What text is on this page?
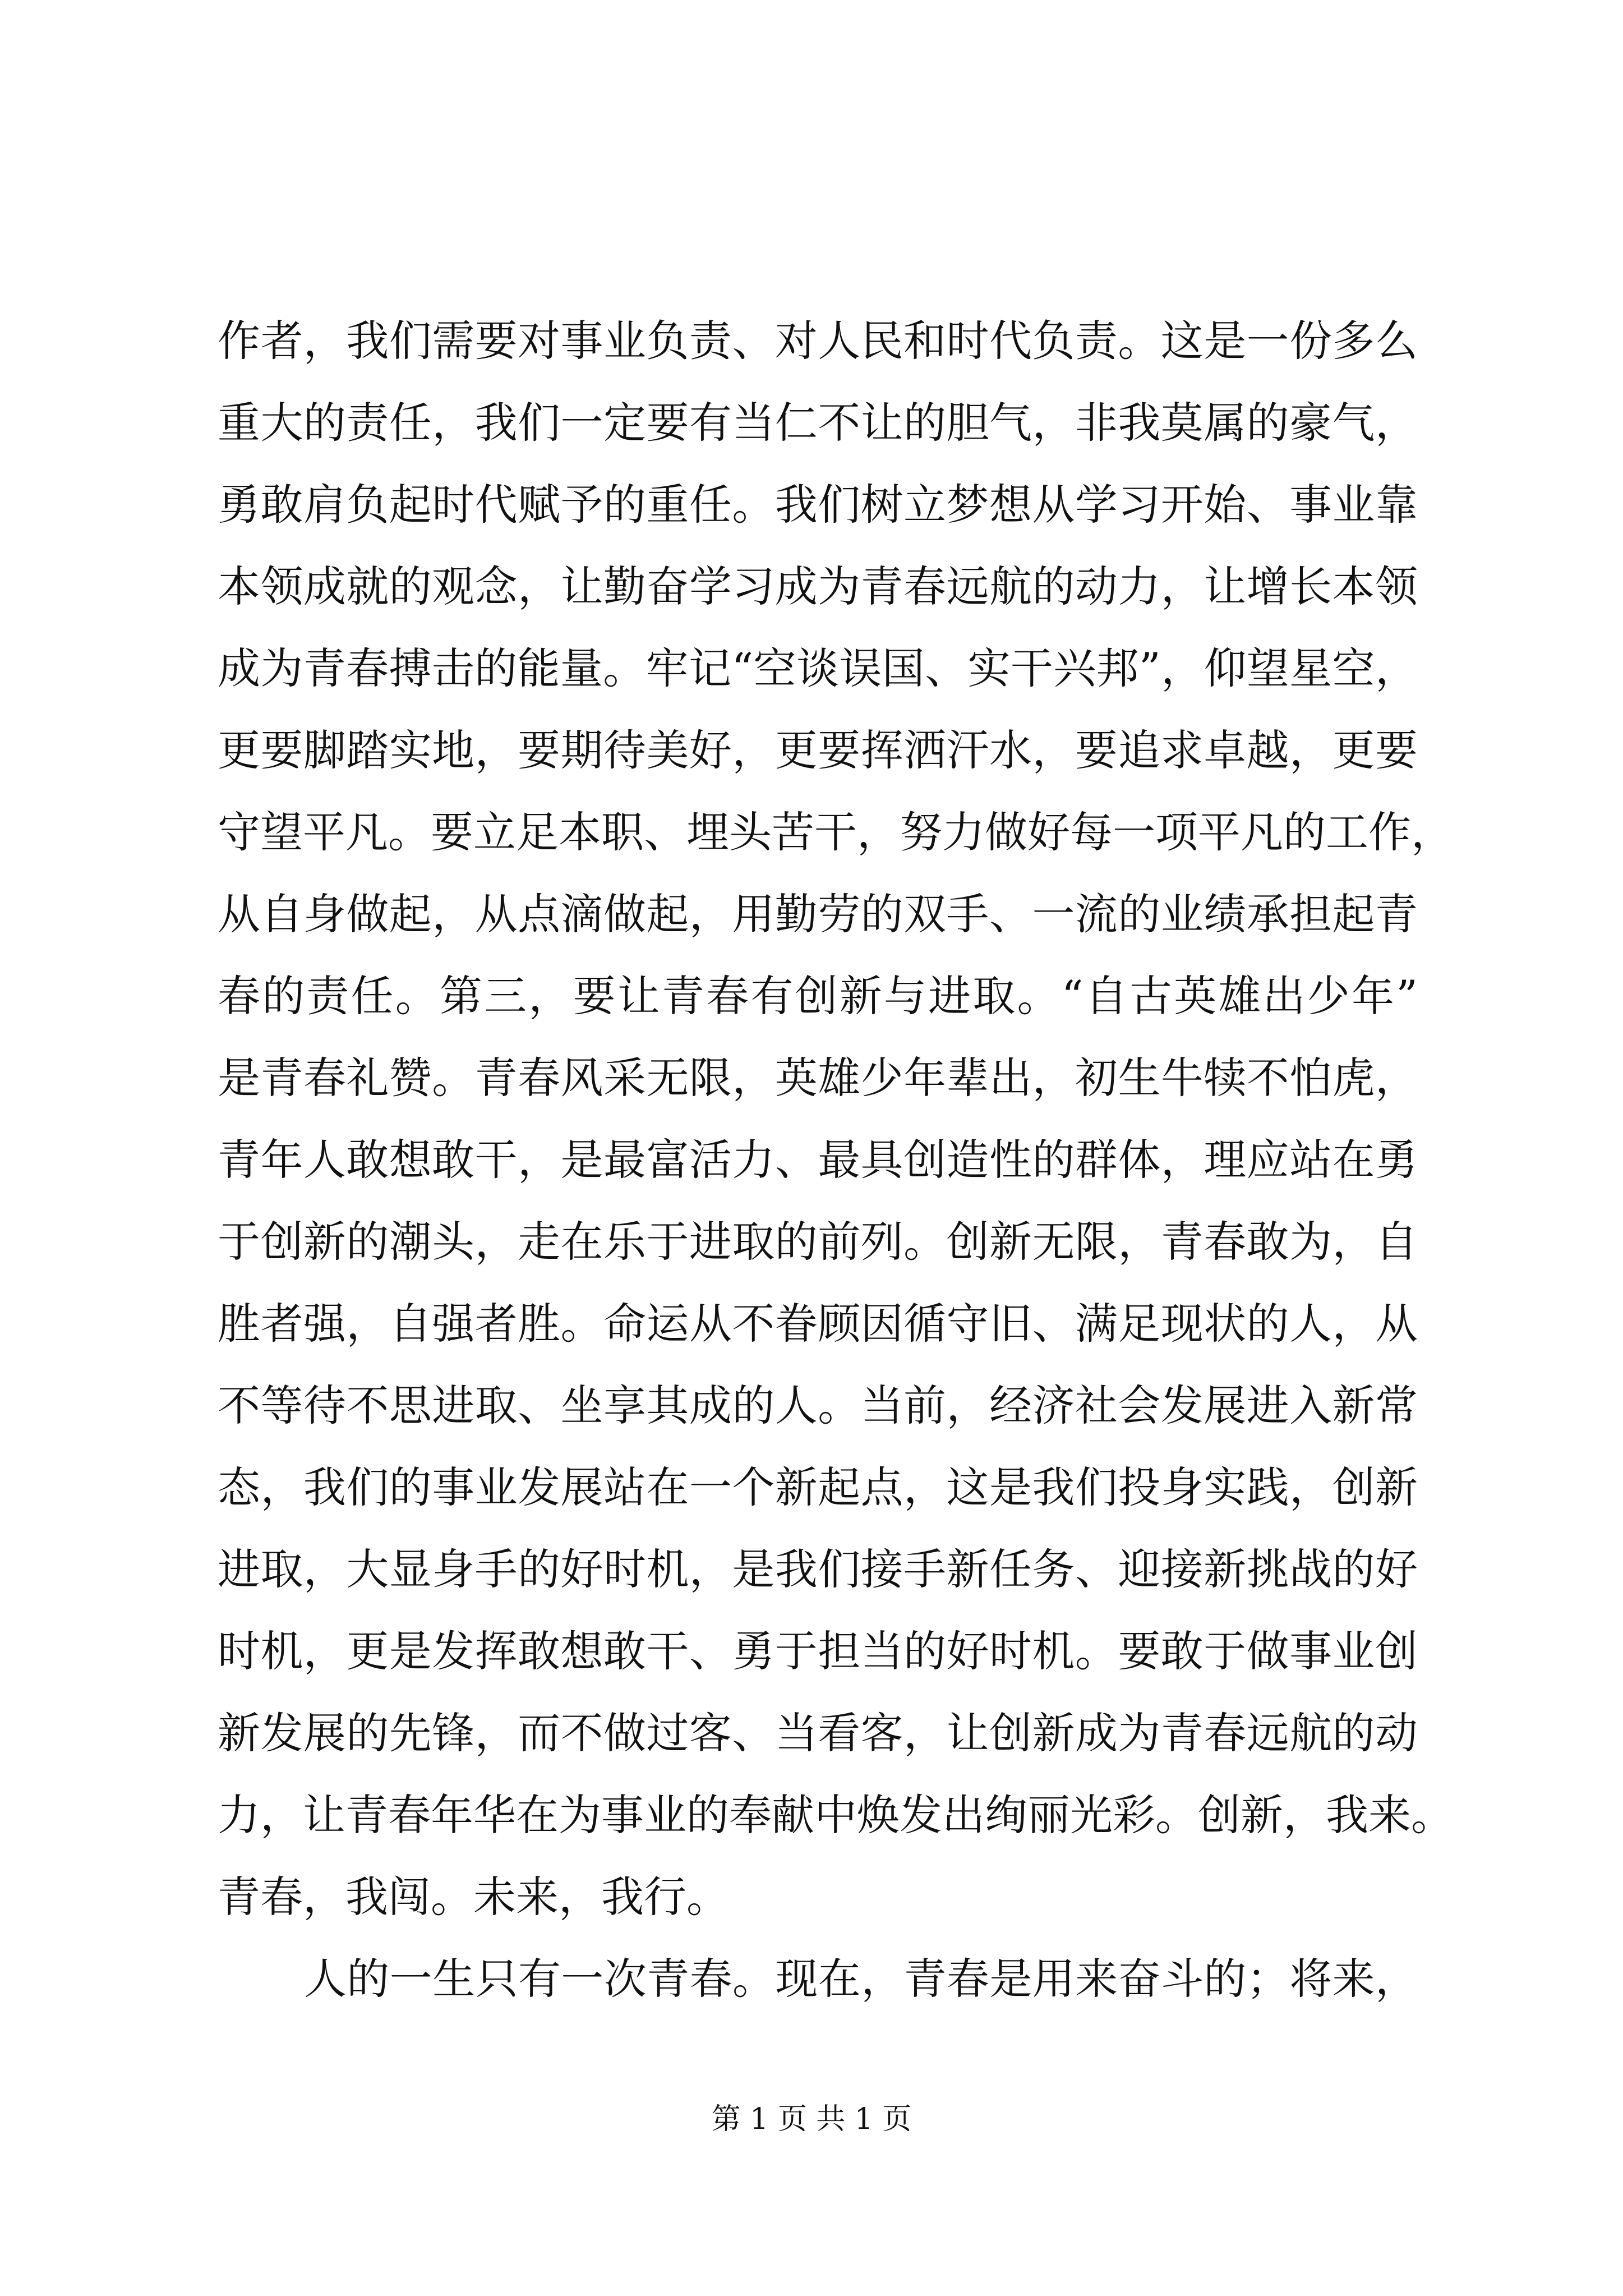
作者，我们需要对事业负责、对人民和时代负责。这是一份多么
重大的责任，我们一定要有当仁不让的胆气，非我莫属的豪气，
勇敢肩负起时代赋予的重任。我们树立梦想从学习开始、事业靠
本领成就的观念，让勤奋学习成为青春远航的动力，让增长本领
成为青春搏击的能量。牢记“空谈误国、实干兴邦”，仰望星空，
更要脚踏实地，要期待美好，更要挥洒汗水，要追求卓越，更要
守望平凡。要立足本职、埋头苦干，努力做好每一项平凡的工作，
从自身做起，从点滴做起，用勤劳的双手、一流的业绩承担起青
春的责任。第三，要让青春有创新与进取。“自古英雄出少年”
是青春礼赞。青春风采无限，英雄少年辈出，初生牛犊不怕虎，
青年人敢想敢干，是最富活力、最具创造性的群体，理应站在勇
于创新的潮头，走在乐于进取的前列。创新无限，青春敢为，自
胜者强，自强者胜。命运从不眷顾因循守旧、满足现状的人，从
不等待不思进取、坐享其成的人。当前，经济社会发展进入新常
态，我们的事业发展站在一个新起点，这是我们投身实践，创新
进取，大显身手的好时机，是我们接手新任务、迎接新挑战的好
时机，更是发挥敢想敢干、勇于担当的好时机。要敢于做事业创
新发展的先锋，而不做过客、当看客，让创新成为青春远航的动
力，让青春年华在为事业的奉献中焕发出绚丽光彩。创新，我来。
青春，我闯。未来，我行。
人的一生只有一次青春。现在，青春是用来奋斗的；将来，
第 1 页 共 1 页
